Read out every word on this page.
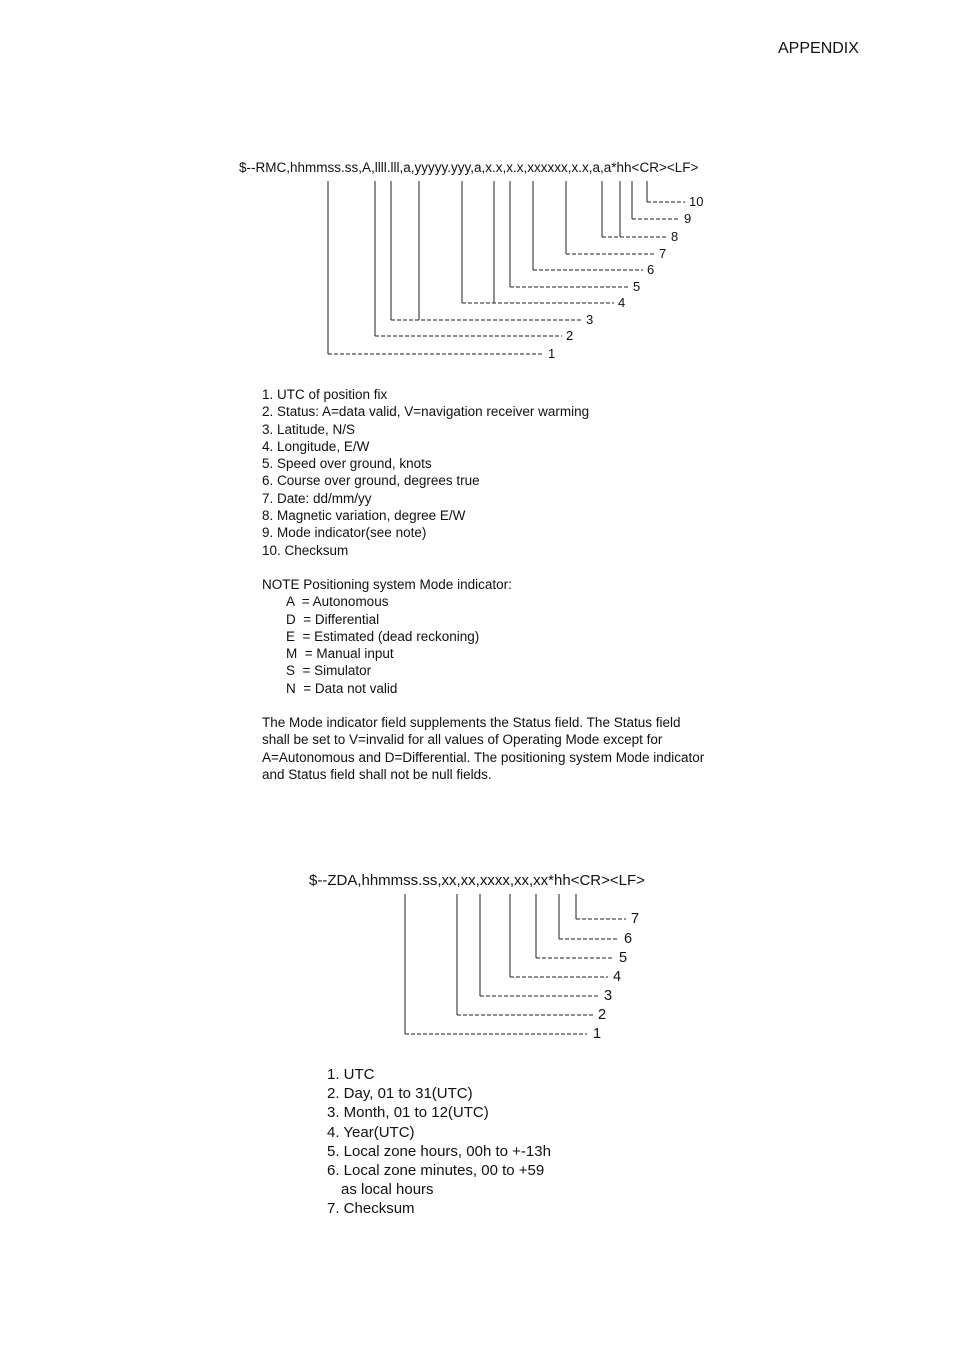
APPENDIX
$--RMC,hhmmss.ss,A,llll.lll,a,yyyyy.yyy,a,x.x,x.x,xxxxxx,x.x,a,a*hh<CR><LF>
1
2
3
4
5
6
7
8
9
10
1. UTC of position fix
2. Status: A=data valid, V=navigation receiver warming
3. Latitude, N/S
4. Longitude, E/W
5. Speed over ground, knots
6. Course over ground, degrees true
7. Date: dd/mm/yy
8. Magnetic variation, degree E/W
9. Mode indicator(see note)
10. Checksum
NOTE Positioning system Mode indicator:
A  = Autonomous
D  = Differential
E  = Estimated (dead reckoning)
M  = Manual input
S  = Simulator
N  = Data not valid
The Mode indicator field supplements the Status field. The Status field
shall be set to V=invalid for all values of Operating Mode except for
A=Autonomous and D=Differential. The positioning system Mode indicator
and Status field shall not be null fields.
$--ZDA,hhmmss.ss,xx,xx,xxxx,xx,xx*hh<CR><LF>
1
2
3
4
5
6
7
1. UTC
2. Day, 01 to 31(UTC)
3. Month, 01 to 12(UTC)
4. Year(UTC)
5. Local zone hours, 00h to +-13h
6. Local zone minutes, 00 to +59
as local hours
7. Checksum
